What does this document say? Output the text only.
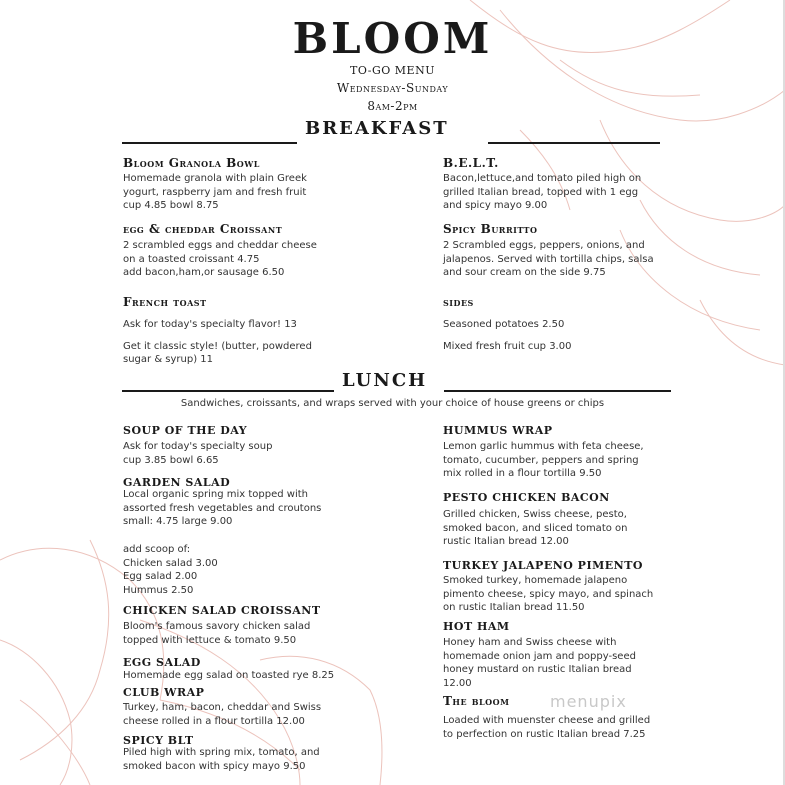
BLOOM
TO-GO MENU
Wednesday-Sunday
8am-2pm
BREAKFAST
Bloom Granola Bowl
Homemade granola with plain Greek
yogurt, raspberry jam and fresh fruit
cup 4.85 bowl 8.75
egg & cheddar Croissant
2 scrambled eggs and cheddar cheese
on a toasted croissant 4.75
add bacon,ham,or sausage 6.50
French toast
Ask for today's specialty flavor! 13
Get it classic style! (butter, powdered
sugar & syrup) 11
B.E.L.T.
Bacon,lettuce,and tomato piled high on
grilled Italian bread, topped with 1 egg
and spicy mayo 9.00
Spicy Burritto
2 Scrambled eggs, peppers, onions, and
jalapenos. Served with tortilla chips, salsa
and sour cream on the side 9.75
sides
Seasoned potatoes 2.50
Mixed fresh fruit cup 3.00
LUNCH
Sandwiches, croissants, and wraps served with your choice of house greens or chips
SOUP OF THE DAY
Ask for today's specialty soup
cup 3.85 bowl 6.65
GARDEN SALAD
Local organic spring mix topped with
assorted fresh vegetables and croutons
small: 4.75 large 9.00
add scoop of:
Chicken salad 3.00
Egg salad 2.00
Hummus 2.50
CHICKEN SALAD CROISSANT
Bloom's famous savory chicken salad
topped with lettuce & tomato 9.50
EGG SALAD
Homemade egg salad on toasted rye 8.25
CLUB WRAP
Turkey, ham, bacon, cheddar and Swiss
cheese rolled in a flour tortilla 12.00
SPICY BLT
Piled high with spring mix, tomato, and
smoked bacon with spicy mayo 9.50
HUMMUS WRAP
Lemon garlic hummus with feta cheese,
tomato, cucumber, peppers and spring
mix rolled in a flour tortilla 9.50
PESTO CHICKEN BACON
Grilled chicken, Swiss cheese, pesto,
smoked bacon, and sliced tomato on
rustic Italian bread 12.00
TURKEY JALAPENO PIMENTO
Smoked turkey, homemade jalapeno
pimento cheese, spicy mayo, and spinach
on rustic Italian bread 11.50
HOT HAM
Honey ham and Swiss cheese with
homemade onion jam and poppy-seed
honey mustard on rustic Italian bread
12.00
The bloom
Loaded with muenster cheese and grilled
to perfection on rustic Italian bread 7.25
menupix
